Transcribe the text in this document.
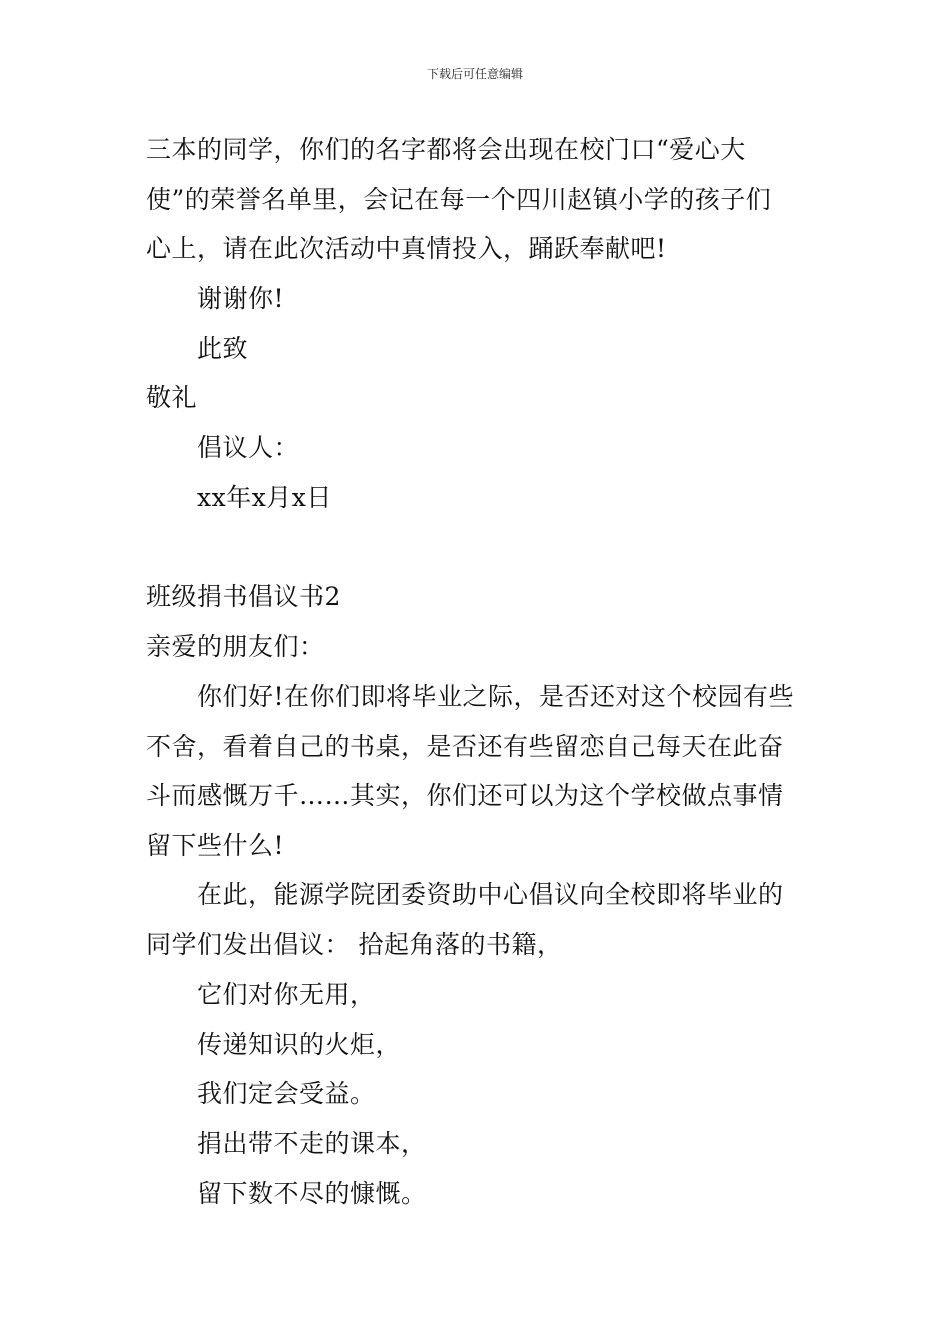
下载后可任意编辑
三本的同学，你们的名字都将会出现在校门口“爱心大
使”的荣誉名单里，会记在每一个四川赵镇小学的孩子们
心上，请在此次活动中真情投入，踊跃奉献吧!
谢谢你!
此致
敬礼
倡议人：
xx年x月x日
班级捐书倡议书2
亲爱的朋友们：
你们好!在你们即将毕业之际，是否还对这个校园有些
不舍，看着自己的书桌，是否还有些留恋自己每天在此奋
斗而感慨万千……其实，你们还可以为这个学校做点事情
留下些什么!
在此，能源学院团委资助中心倡议向全校即将毕业的
同学们发出倡议： 拾起角落的书籍，
它们对你无用，
传递知识的火炬，
我们定会受益。
捐出带不走的课本，
留下数不尽的慷慨。
